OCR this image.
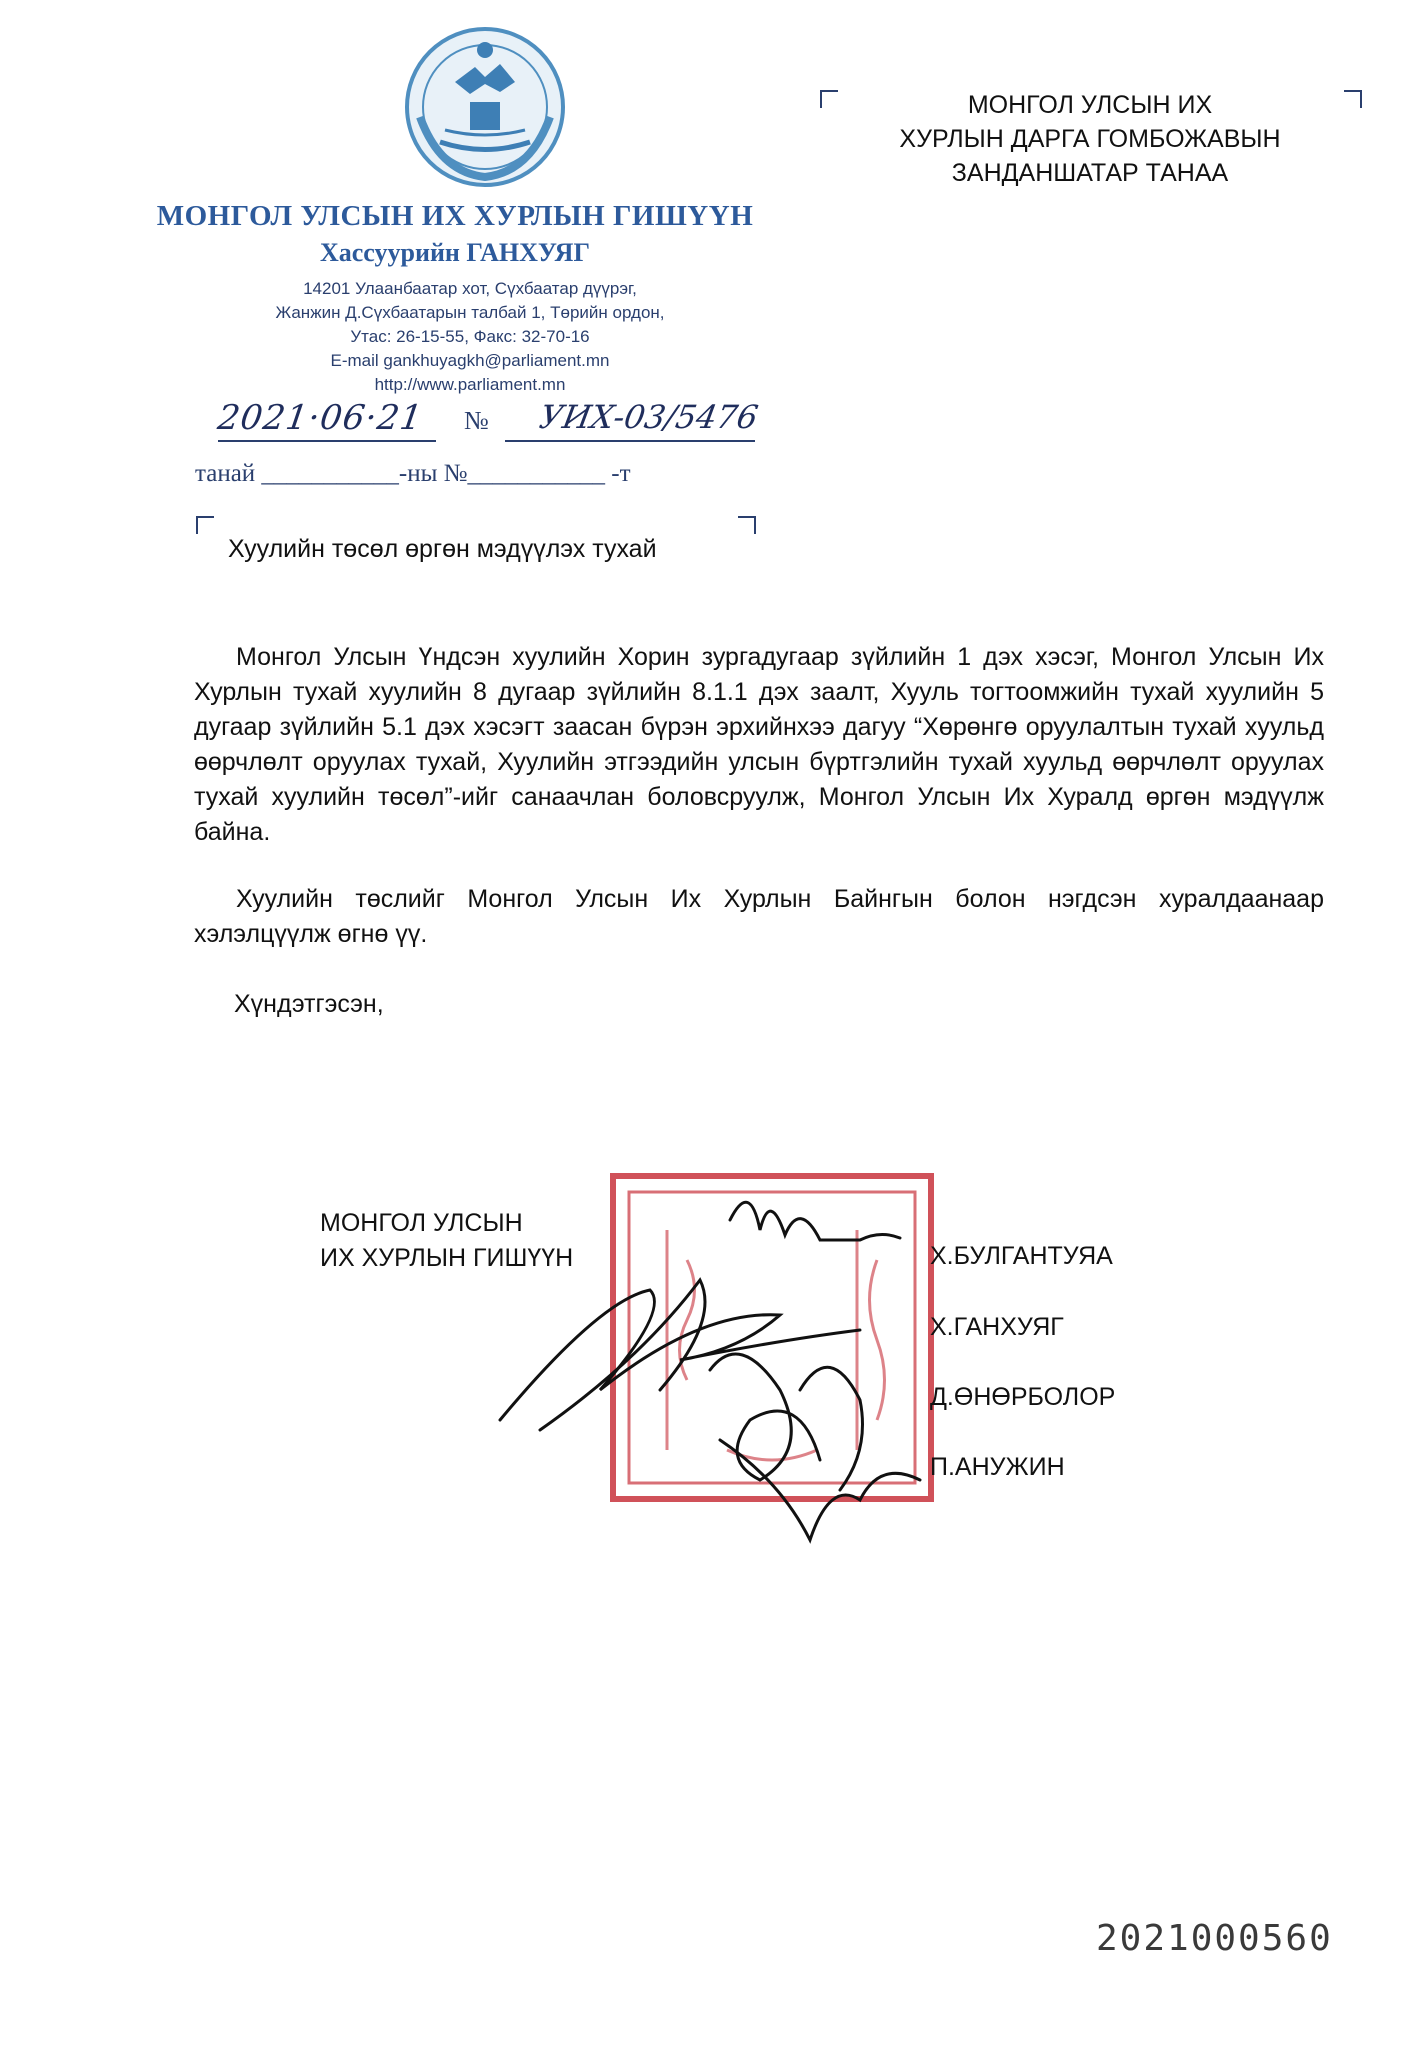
МОНГОЛ УЛСЫН ИХ ХУРЛЫН ГИШҮҮН
Хассуурийн ГАНХУЯГ
14201 Улаанбаатар хот, Сүхбаатар дүүрэг,
Жанжин Д.Сүхбаатарын талбай 1, Төрийн ордон,
Утас: 26-15-55, Факс: 32-70-16
E-mail gankhuyagkh@parliament.mn
http://www.parliament.mn
2021·06·21 № УИХ-03/5476
танай ___________-ны №___________ -т
Хуулийн төсөл өргөн мэдүүлэх тухай
МОНГОЛ УЛСЫН ИХ
ХУРЛЫН ДАРГА ГОМБОЖАВЫН
ЗАНДАНШАТАР ТАНАА
Монгол Улсын Үндсэн хуулийн Хорин зургадугаар зүйлийн 1 дэх хэсэг, Монгол Улсын Их Хурлын тухай хуулийн 8 дугаар зүйлийн 8.1.1 дэх заалт, Хууль тогтоомжийн тухай хуулийн 5 дугаар зүйлийн 5.1 дэх хэсэгт заасан бүрэн эрхийнхээ дагуу “Хөрөнгө оруулалтын тухай хуульд өөрчлөлт оруулах тухай, Хуулийн этгээдийн улсын бүртгэлийн тухай хуульд өөрчлөлт оруулах тухай хуулийн төсөл”-ийг санаачлан боловсруулж, Монгол Улсын Их Хуралд өргөн мэдүүлж байна.
Хуулийн төслийг Монгол Улсын Их Хурлын Байнгын болон нэгдсэн хуралдаанаар хэлэлцүүлж өгнө үү.
Хүндэтгэсэн,
МОНГОЛ УЛСЫН
ИХ ХУРЛЫН ГИШҮҮН	Х.БУЛГАНТУЯА
Х.ГАНХУЯГ
Д.ӨНӨРБОЛОР
П.АНУЖИН
2021000560
